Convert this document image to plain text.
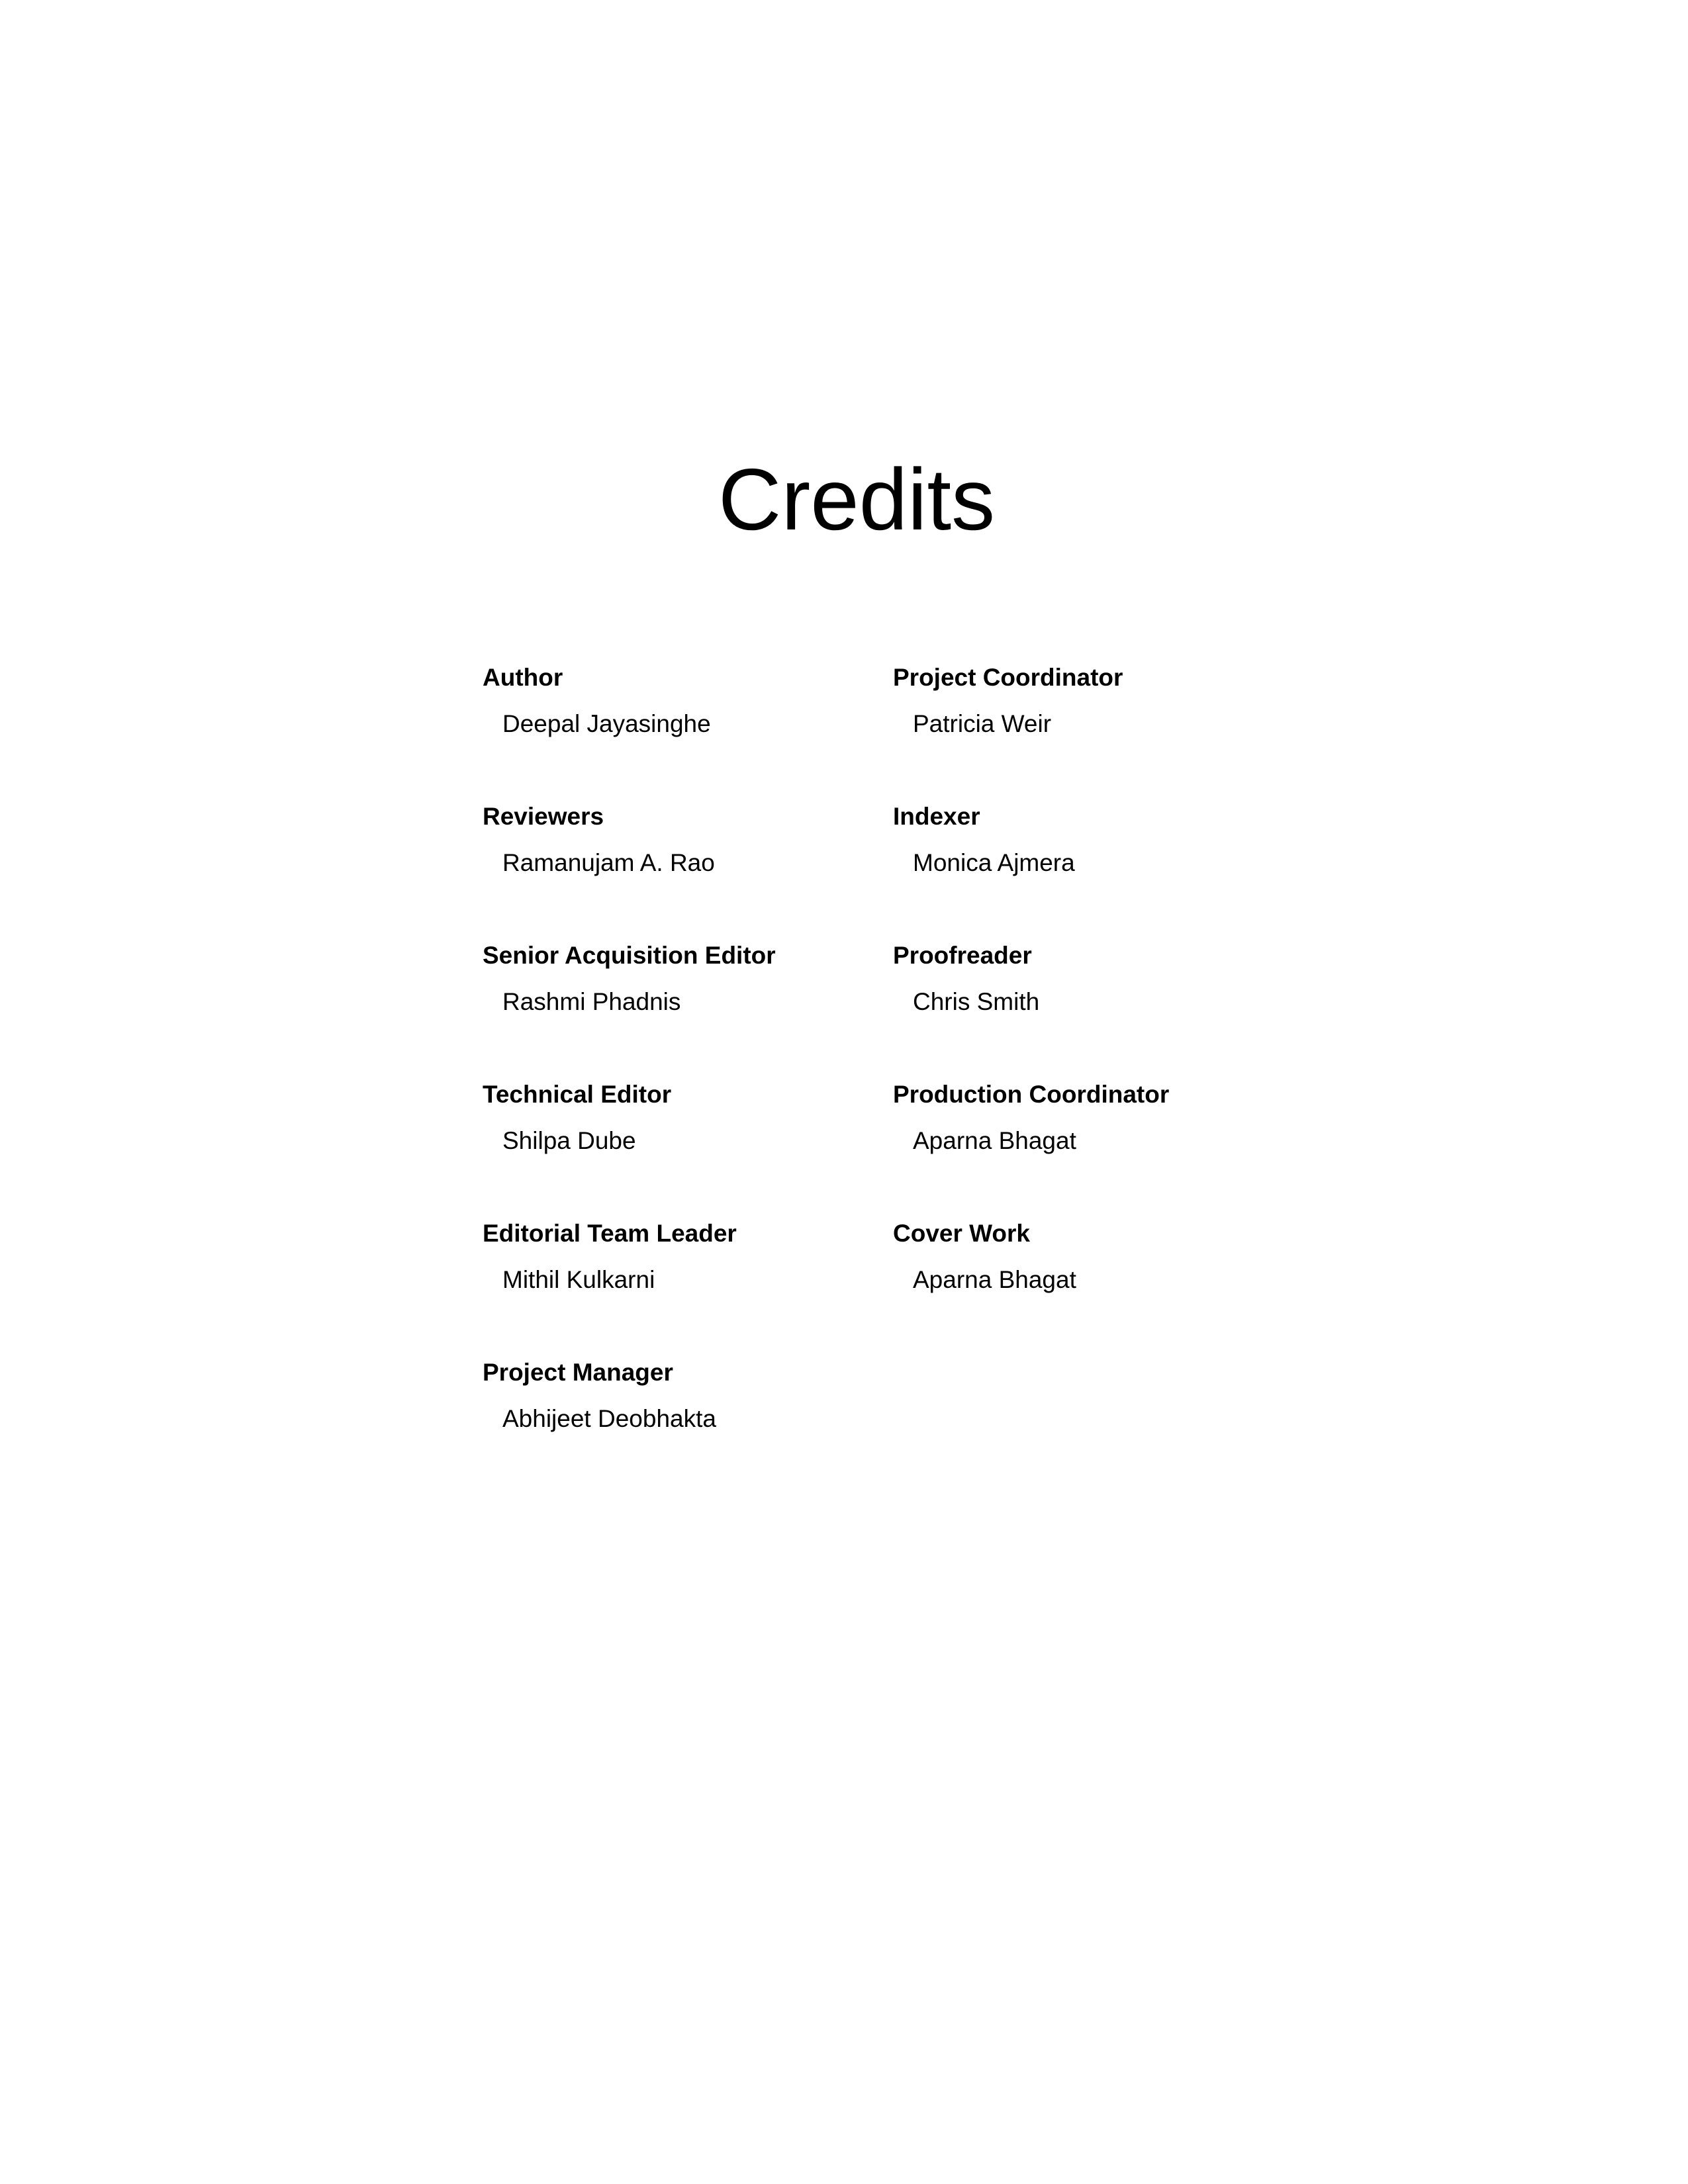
Credits
Author
Deepal Jayasinghe
Reviewers
Ramanujam A. Rao
Senior Acquisition Editor
Rashmi Phadnis
Technical Editor
Shilpa Dube
Editorial Team Leader
Mithil Kulkarni
Project Manager
Abhijeet Deobhakta
Project Coordinator
Patricia Weir
Indexer
Monica Ajmera
Proofreader
Chris Smith
Production Coordinator
Aparna Bhagat
Cover Work
Aparna Bhagat
